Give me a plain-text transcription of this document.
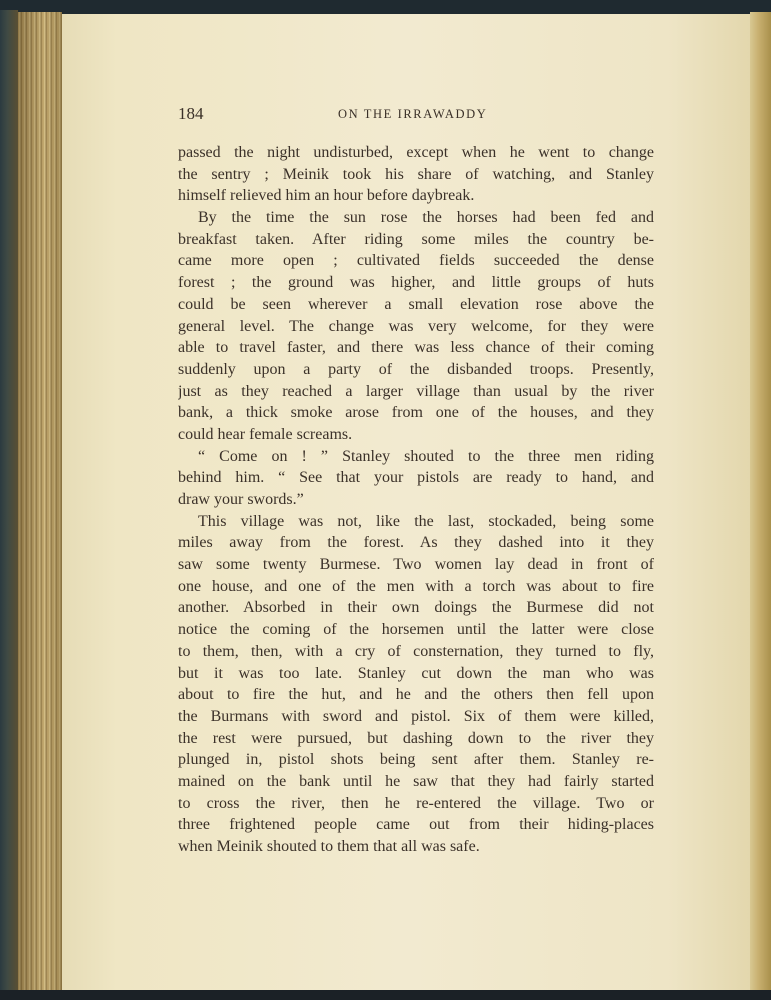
184	ON THE IRRAWADDY
passed the night undisturbed, except when he went to change
the sentry ; Meinik took his share of watching, and Stanley
himself relieved him an hour before daybreak.
By the time the sun rose the horses had been fed and
breakfast taken. After riding some miles the country be-
came more open ; cultivated fields succeeded the dense
forest ; the ground was higher, and little groups of huts
could be seen wherever a small elevation rose above the
general level. The change was very welcome, for they were
able to travel faster, and there was less chance of their coming
suddenly upon a party of the disbanded troops. Presently,
just as they reached a larger village than usual by the river
bank, a thick smoke arose from one of the houses, and they
could hear female screams.
“ Come on ! ” Stanley shouted to the three men riding
behind him. “ See that your pistols are ready to hand, and
draw your swords.”
This village was not, like the last, stockaded, being some
miles away from the forest. As they dashed into it they
saw some twenty Burmese. Two women lay dead in front of
one house, and one of the men with a torch was about to fire
another. Absorbed in their own doings the Burmese did not
notice the coming of the horsemen until the latter were close
to them, then, with a cry of consternation, they turned to fly,
but it was too late. Stanley cut down the man who was
about to fire the hut, and he and the others then fell upon
the Burmans with sword and pistol. Six of them were killed,
the rest were pursued, but dashing down to the river they
plunged in, pistol shots being sent after them. Stanley re-
mained on the bank until he saw that they had fairly started
to cross the river, then he re-entered the village. Two or
three frightened people came out from their hiding-places
when Meinik shouted to them that all was safe.
